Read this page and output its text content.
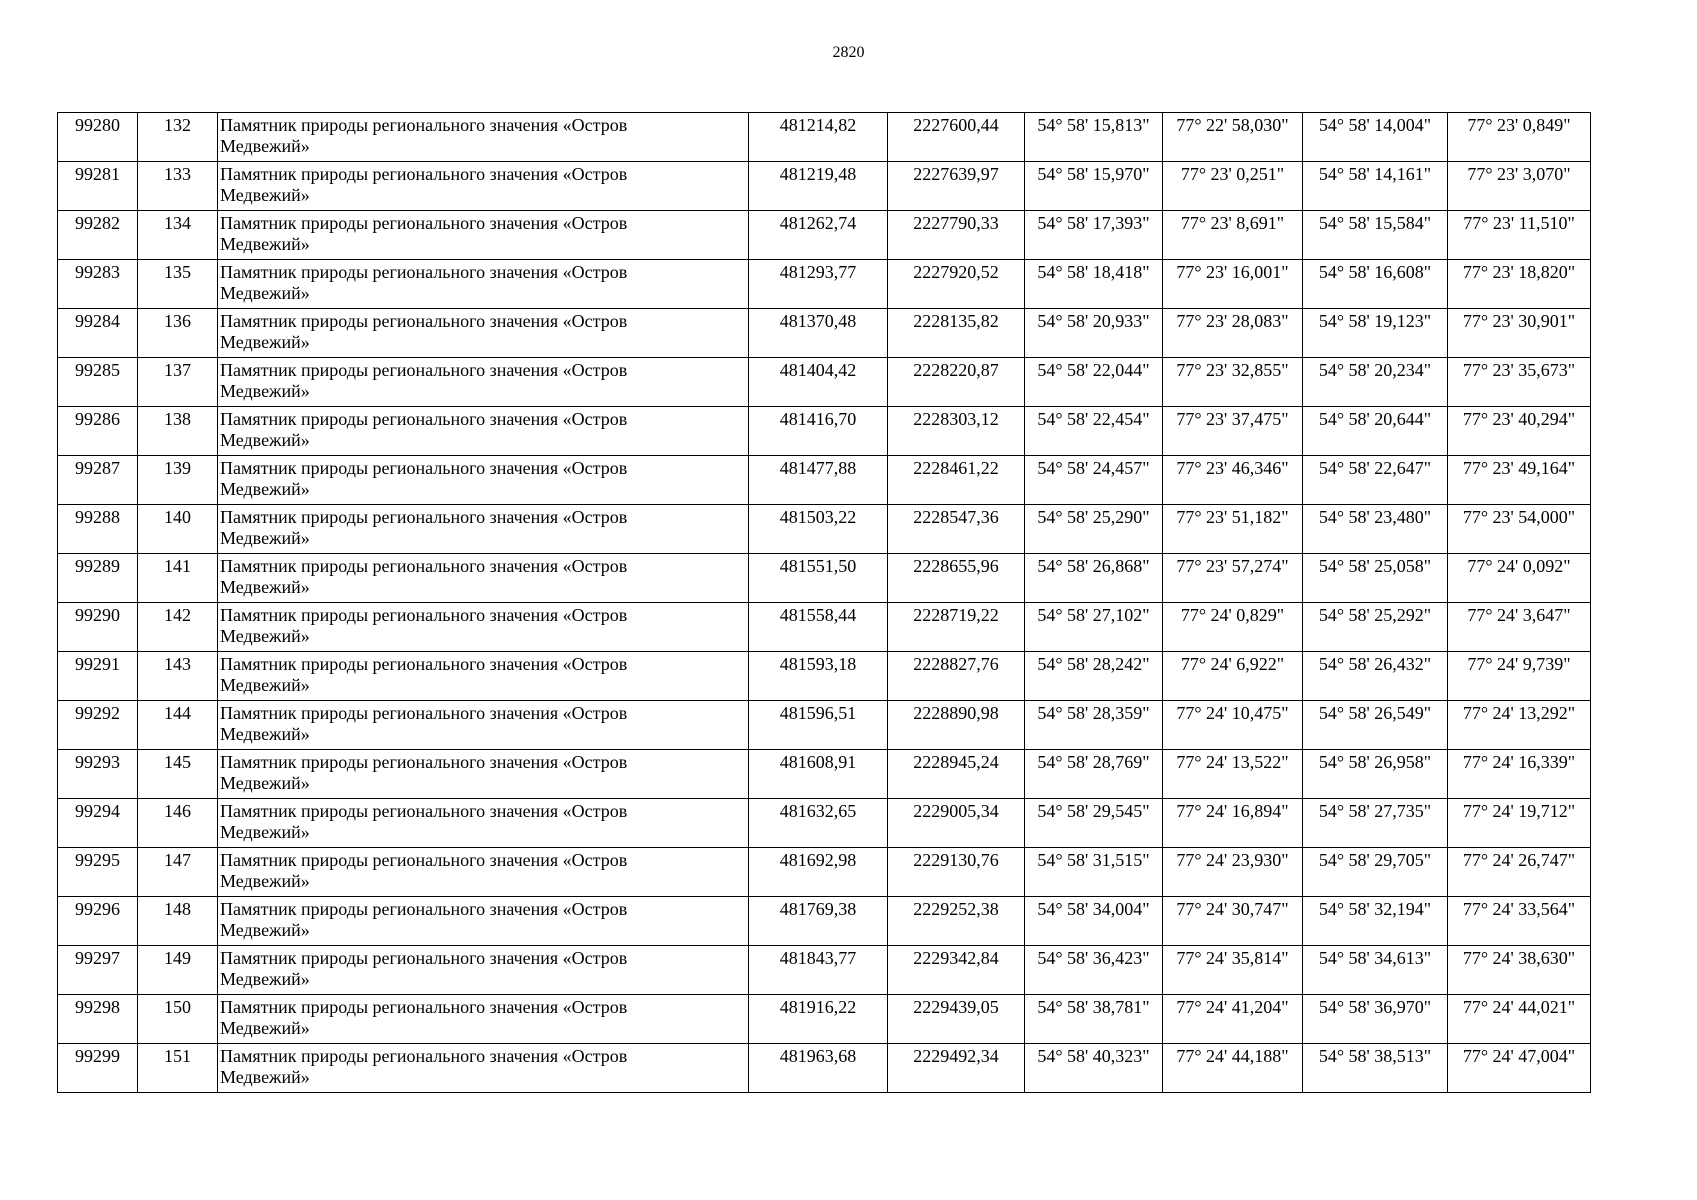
2820
99280	132	Памятник природы регионального значения «Остров Медвежий»	481214,82	2227600,44	54° 58' 15,813"	77° 22' 58,030"	54° 58' 14,004"	77° 23' 0,849"
99281	133	Памятник природы регионального значения «Остров Медвежий»	481219,48	2227639,97	54° 58' 15,970"	77° 23' 0,251"	54° 58' 14,161"	77° 23' 3,070"
99282	134	Памятник природы регионального значения «Остров Медвежий»	481262,74	2227790,33	54° 58' 17,393"	77° 23' 8,691"	54° 58' 15,584"	77° 23' 11,510"
99283	135	Памятник природы регионального значения «Остров Медвежий»	481293,77	2227920,52	54° 58' 18,418"	77° 23' 16,001"	54° 58' 16,608"	77° 23' 18,820"
99284	136	Памятник природы регионального значения «Остров Медвежий»	481370,48	2228135,82	54° 58' 20,933"	77° 23' 28,083"	54° 58' 19,123"	77° 23' 30,901"
99285	137	Памятник природы регионального значения «Остров Медвежий»	481404,42	2228220,87	54° 58' 22,044"	77° 23' 32,855"	54° 58' 20,234"	77° 23' 35,673"
99286	138	Памятник природы регионального значения «Остров Медвежий»	481416,70	2228303,12	54° 58' 22,454"	77° 23' 37,475"	54° 58' 20,644"	77° 23' 40,294"
99287	139	Памятник природы регионального значения «Остров Медвежий»	481477,88	2228461,22	54° 58' 24,457"	77° 23' 46,346"	54° 58' 22,647"	77° 23' 49,164"
99288	140	Памятник природы регионального значения «Остров Медвежий»	481503,22	2228547,36	54° 58' 25,290"	77° 23' 51,182"	54° 58' 23,480"	77° 23' 54,000"
99289	141	Памятник природы регионального значения «Остров Медвежий»	481551,50	2228655,96	54° 58' 26,868"	77° 23' 57,274"	54° 58' 25,058"	77° 24' 0,092"
99290	142	Памятник природы регионального значения «Остров Медвежий»	481558,44	2228719,22	54° 58' 27,102"	77° 24' 0,829"	54° 58' 25,292"	77° 24' 3,647"
99291	143	Памятник природы регионального значения «Остров Медвежий»	481593,18	2228827,76	54° 58' 28,242"	77° 24' 6,922"	54° 58' 26,432"	77° 24' 9,739"
99292	144	Памятник природы регионального значения «Остров Медвежий»	481596,51	2228890,98	54° 58' 28,359"	77° 24' 10,475"	54° 58' 26,549"	77° 24' 13,292"
99293	145	Памятник природы регионального значения «Остров Медвежий»	481608,91	2228945,24	54° 58' 28,769"	77° 24' 13,522"	54° 58' 26,958"	77° 24' 16,339"
99294	146	Памятник природы регионального значения «Остров Медвежий»	481632,65	2229005,34	54° 58' 29,545"	77° 24' 16,894"	54° 58' 27,735"	77° 24' 19,712"
99295	147	Памятник природы регионального значения «Остров Медвежий»	481692,98	2229130,76	54° 58' 31,515"	77° 24' 23,930"	54° 58' 29,705"	77° 24' 26,747"
99296	148	Памятник природы регионального значения «Остров Медвежий»	481769,38	2229252,38	54° 58' 34,004"	77° 24' 30,747"	54° 58' 32,194"	77° 24' 33,564"
99297	149	Памятник природы регионального значения «Остров Медвежий»	481843,77	2229342,84	54° 58' 36,423"	77° 24' 35,814"	54° 58' 34,613"	77° 24' 38,630"
99298	150	Памятник природы регионального значения «Остров Медвежий»	481916,22	2229439,05	54° 58' 38,781"	77° 24' 41,204"	54° 58' 36,970"	77° 24' 44,021"
99299	151	Памятник природы регионального значения «Остров Медвежий»	481963,68	2229492,34	54° 58' 40,323"	77° 24' 44,188"	54° 58' 38,513"	77° 24' 47,004"
